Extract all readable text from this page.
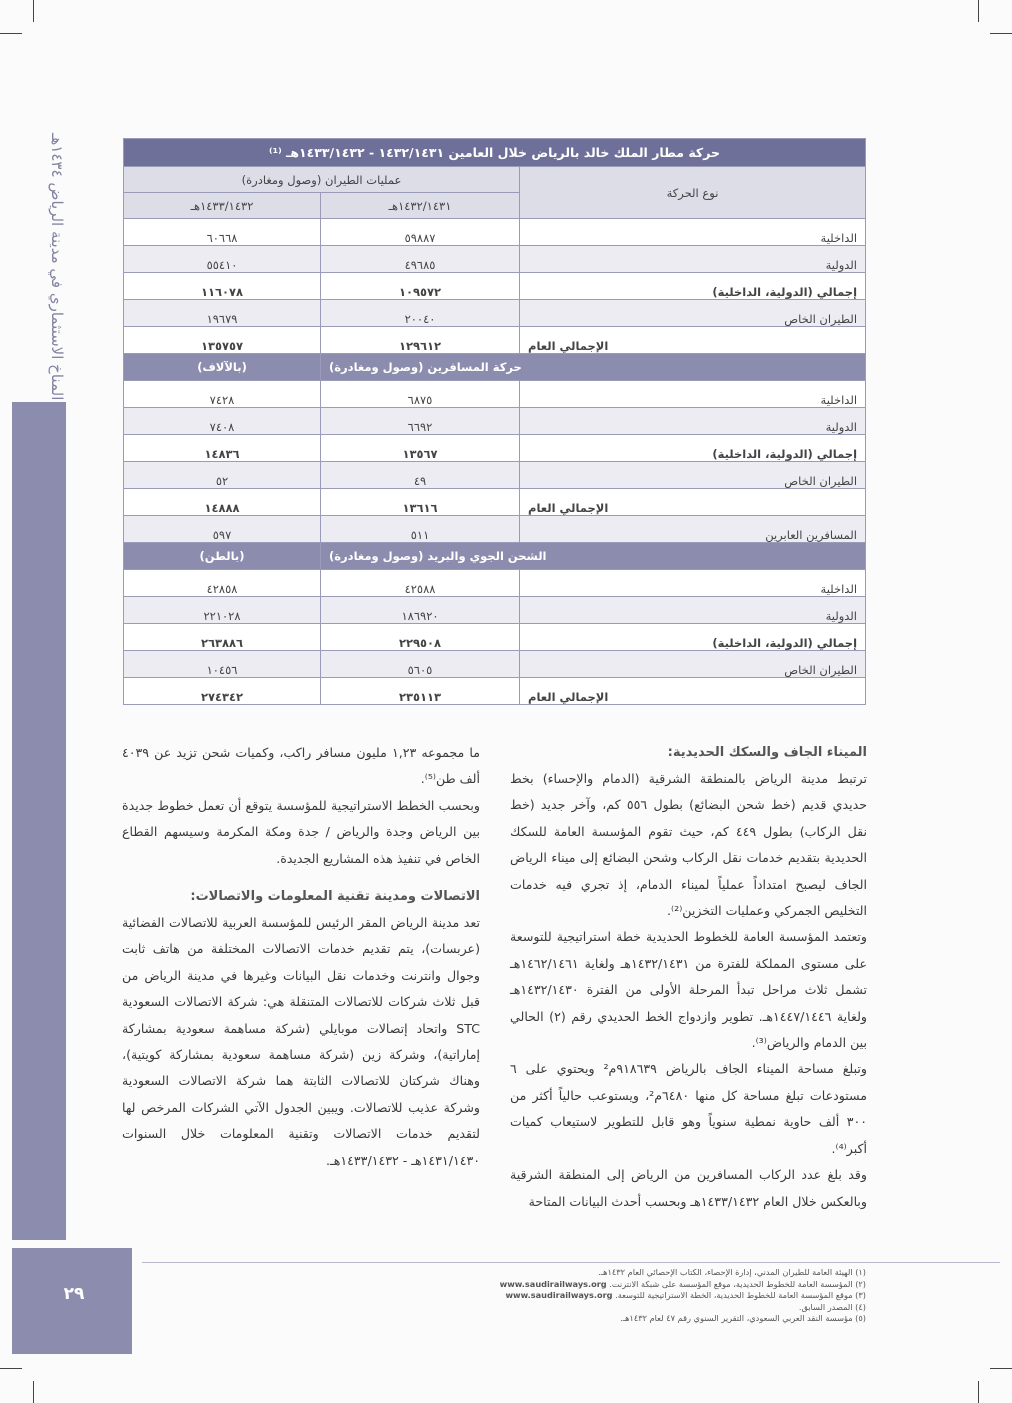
المناخ الاستثماري في مدينة الرياض ١٤٣٤هـ
٢٩
حركة مطار الملك خالد بالرياض خلال العامين ١٤٣٢/١٤٣١ - ١٤٣٣/١٤٣٢هـ ⁽¹⁾		
نوع الحركة	عمليات الطيران (وصول ومغادرة)	
	١٤٣٢/١٤٣١هـ	١٤٣٣/١٤٣٢هـ
الداخلية	٥٩٨٨٧	٦٠٦٦٨
الدولية	٤٩٦٨٥	٥٥٤١٠
إجمالي (الدولية، الداخلية)	١٠٩٥٧٢	١١٦٠٧٨
الطيران الخاص	٢٠٠٤٠	١٩٦٧٩
الإجمالي العام	١٢٩٦١٢	١٣٥٧٥٧
حركة المسافرين (وصول ومغادرة)		(بالآلاف)
الداخلية	٦٨٧٥	٧٤٢٨
الدولية	٦٦٩٢	٧٤٠٨
إجمالي (الدولية، الداخلية)	١٣٥٦٧	١٤٨٣٦
الطيران الخاص	٤٩	٥٢
الإجمالي العام	١٣٦١٦	١٤٨٨٨
المسافرين العابرين	٥١١	٥٩٧
الشحن الجوي والبريد (وصول ومغادرة)		(بالطن)
الداخلية	٤٢٥٨٨	٤٢٨٥٨
الدولية	١٨٦٩٢٠	٢٢١٠٢٨
إجمالي (الدولية، الداخلية)	٢٢٩٥٠٨	٢٦٣٨٨٦
الطيران الخاص	٥٦٠٥	١٠٤٥٦
الإجمالي العام	٢٣٥١١٣	٢٧٤٣٤٢
الميناء الجاف والسكك الحديدية:

ترتبط مدينة الرياض بالمنطقة الشرقية (الدمام والإحساء) بخط حديدي قديم (خط شحن البضائع) بطول ٥٥٦ كم، وآخر جديد (خط نقل الركاب) بطول ٤٤٩ كم، حيث تقوم المؤسسة العامة للسكك الحديدية بتقديم خدمات نقل الركاب وشحن البضائع إلى ميناء الرياض الجاف ليصبح امتداداً عملياً لميناء الدمام، إذ تجري فيه خدمات التخليص الجمركي وعمليات التخزين⁽²⁾.

وتعتمد المؤسسة العامة للخطوط الحديدية خطة استراتيجية للتوسعة على مستوى المملكة للفترة من ١٤٣٢/١٤٣١هـ ولغاية ١٤٦٢/١٤٦١هـ تشمل ثلاث مراحل تبدأ المرحلة الأولى من الفترة ١٤٣٢/١٤٣٠هـ ولغاية ١٤٤٧/١٤٤٦هـ. تطوير وازدواج الخط الحديدي رقم (٢) الحالي بين الدمام والرياض⁽³⁾.

وتبلغ مساحة الميناء الجاف بالرياض ٩١٨٦٣٩م² ويحتوي على ٦ مستودعات تبلغ مساحة كل منها ٦٤٨٠م²، ويستوعب حالياً أكثر من ٣٠٠ ألف حاوية نمطية سنوياً وهو قابل للتطوير لاستيعاب كميات أكبر⁽⁴⁾.

وقد بلغ عدد الركاب المسافرين من الرياض إلى المنطقة الشرقية وبالعكس خلال العام ١٤٣٣/١٤٣٢هـ وبحسب أحدث البيانات المتاحة

ما مجموعه ١,٢٣ مليون مسافر راكب، وكميات شحن تزيد عن ٤٠٣٩ ألف طن⁽⁵⁾.

وبحسب الخطط الاستراتيجية للمؤسسة يتوقع أن تعمل خطوط جديدة بين الرياض وجدة والرياض / جدة ومكة المكرمة وسيسهم القطاع الخاص في تنفيذ هذه المشاريع الجديدة.

الاتصالات ومدينة تقنية المعلومات والاتصالات:

تعد مدينة الرياض المقر الرئيس للمؤسسة العربية للاتصالات الفضائية (عربسات)، يتم تقديم خدمات الاتصالات المختلفة من هاتف ثابت وجوال وانترنت وخدمات نقل البيانات وغيرها في مدينة الرياض من قبل ثلاث شركات للاتصالات المتنقلة هي: شركة الاتصالات السعودية STC واتحاد إتصالات موبايلي (شركة مساهمة سعودية بمشاركة إماراتية)، وشركة زين (شركة مساهمة سعودية بمشاركة كويتية)، وهناك شركتان للاتصالات الثابتة هما شركة الاتصالات السعودية وشركة عذيب للاتصالات. ويبين الجدول الآتي الشركات المرخص لها لتقديم خدمات الاتصالات وتقنية المعلومات خلال السنوات ١٤٣١/١٤٣٠هـ - ١٤٣٣/١٤٣٢هـ.

(١) الهيئة العامة للطيران المدني، إدارة الإحصاء، الكتاب الإحصائي العام ١٤٣٢هـ.
(٢) المؤسسة العامة للخطوط الحديدية، موقع المؤسسة على شبكة الانترنت. www.saudirailways.org
(٣) موقع المؤسسة العامة للخطوط الحديدية، الخطة الاستراتيجية للتوسعة. www.saudirailways.org
(٤) المصدر السابق.
(٥) مؤسسة النقد العربي السعودي، التقرير السنوي رقم ٤٧ لعام ١٤٣٢هـ.
